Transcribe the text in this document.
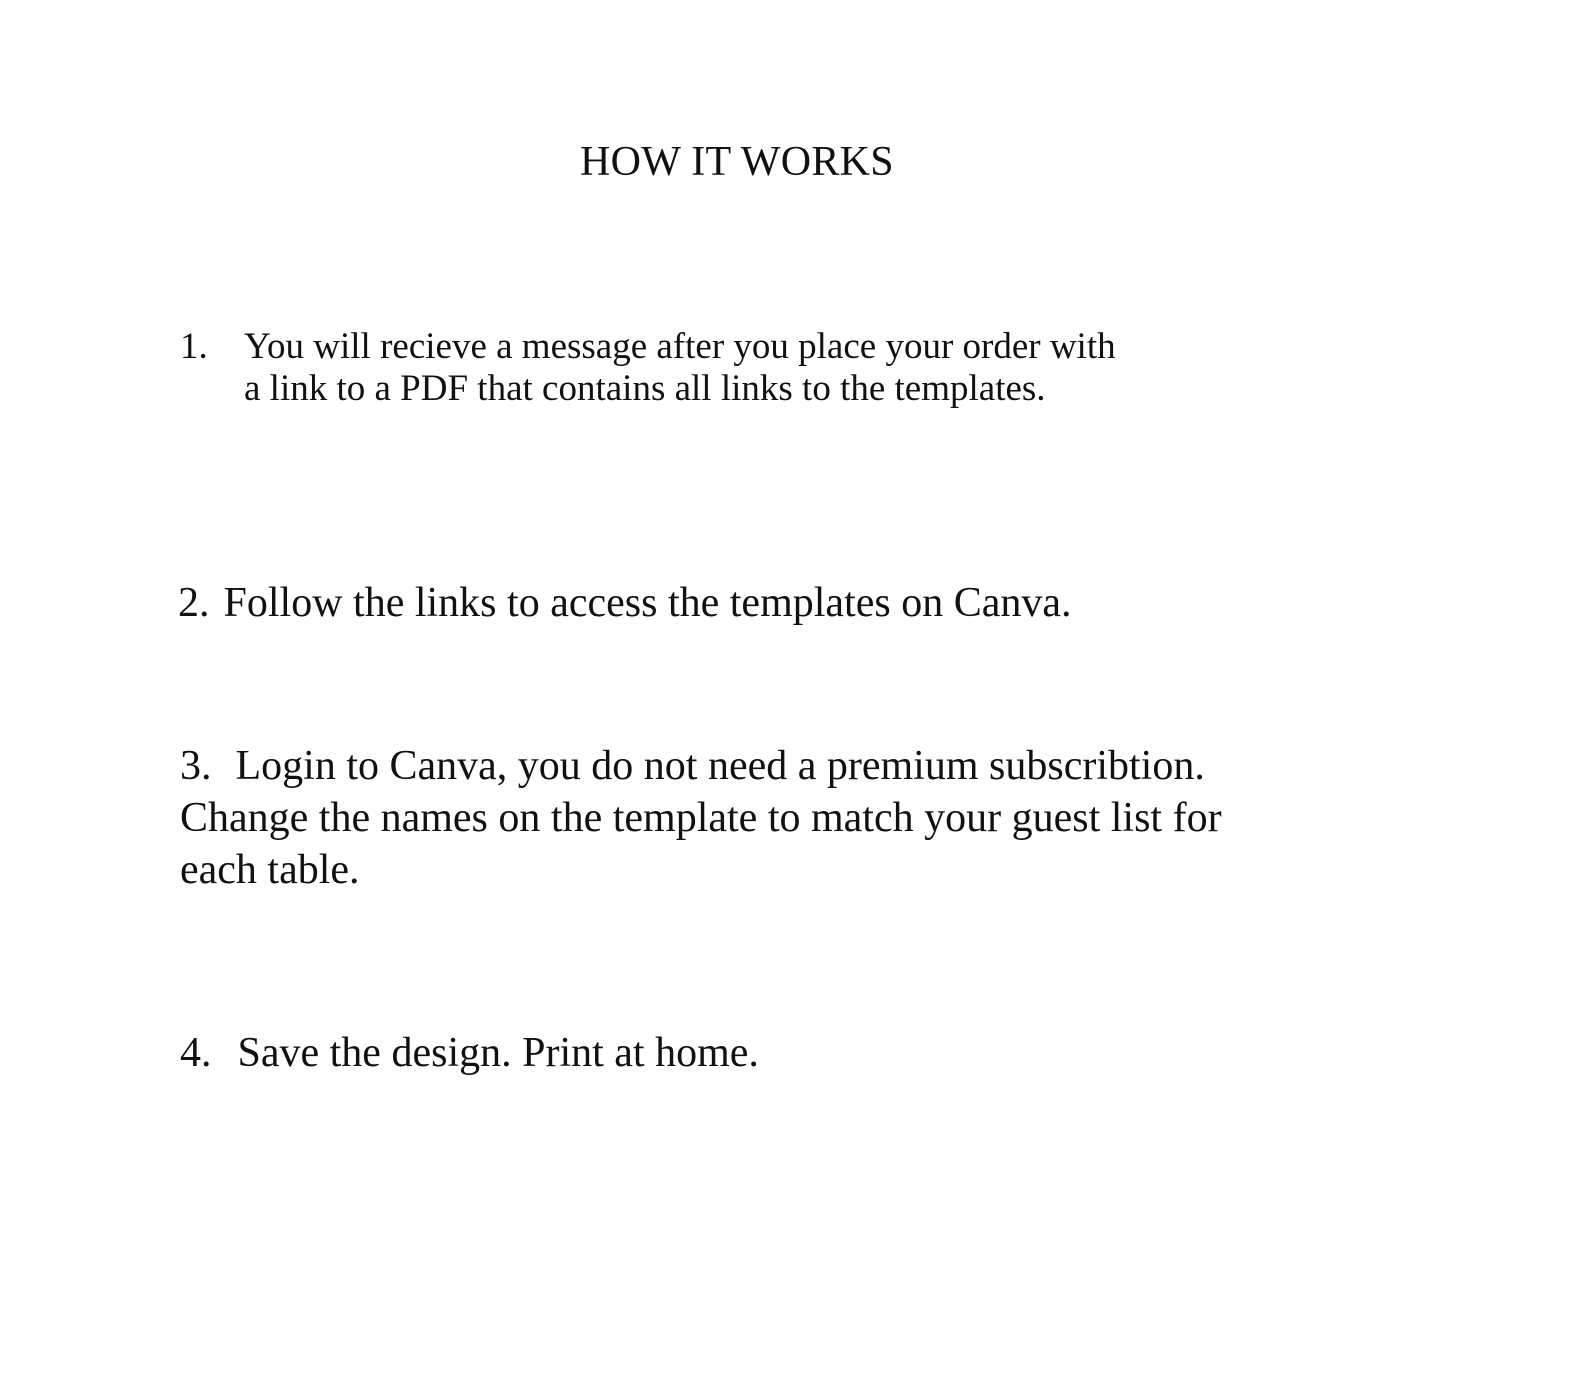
HOW IT WORKS
1. You will recieve a message after you place your order with
a link to a PDF that contains all links to the templates.
2. Follow the links to access the templates on Canva.
3. Login to Canva, you do not need a premium subscribtion.
Change the names on the template to match your guest list for
each table.
4. Save the design. Print at home.
